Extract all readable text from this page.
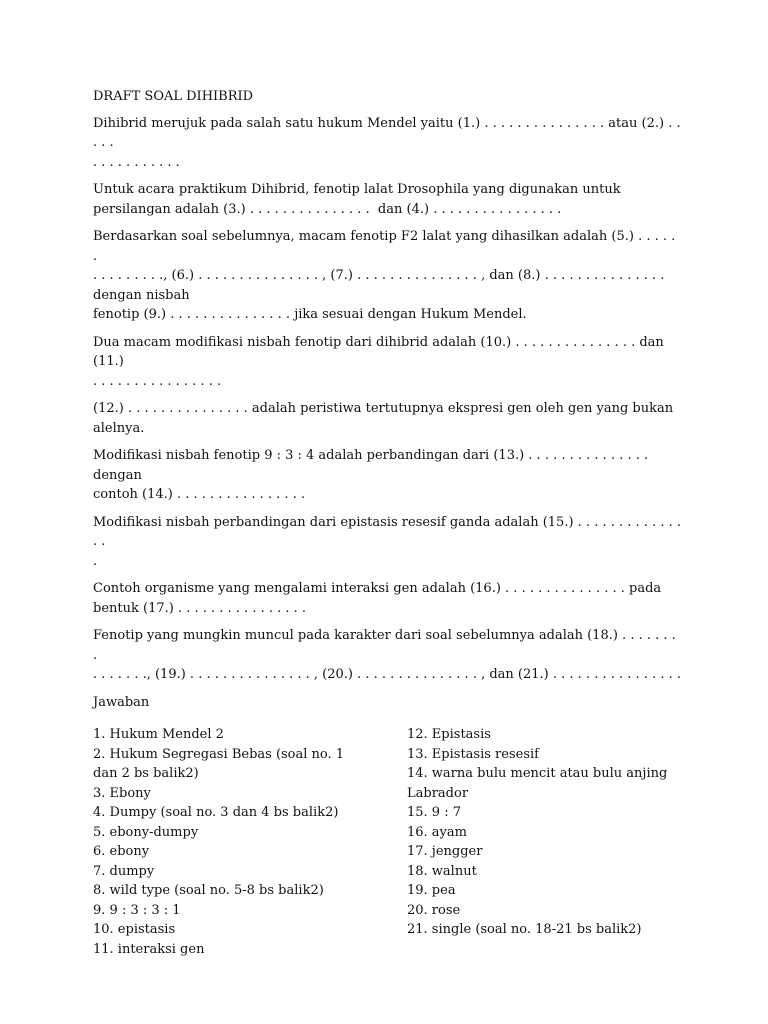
DRAFT SOAL DIHIBRID

Dihibrid merujuk pada salah satu hukum Mendel yaitu (1.) . . . . . . . . . . . . . . . atau (2.) . . . . .
. . . . . . . . . . .

Untuk acara praktikum Dihibrid, fenotip lalat Drosophila yang digunakan untuk
persilangan adalah (3.) . . . . . . . . . . . . . . .  dan (4.) . . . . . . . . . . . . . . . .

Berdasarkan soal sebelumnya, macam fenotip F2 lalat yang dihasilkan adalah (5.) . . . . . .
. . . . . . . . ., (6.) . . . . . . . . . . . . . . . , (7.) . . . . . . . . . . . . . . . , dan (8.) . . . . . . . . . . . . . . . dengan nisbah
fenotip (9.) . . . . . . . . . . . . . . . jika sesuai dengan Hukum Mendel.

Dua macam modifikasi nisbah fenotip dari dihibrid adalah (10.) . . . . . . . . . . . . . . . dan (11.)
. . . . . . . . . . . . . . . .

(12.) . . . . . . . . . . . . . . . adalah peristiwa tertutupnya ekspresi gen oleh gen yang bukan
alelnya.

Modifikasi nisbah fenotip 9 : 3 : 4 adalah perbandingan dari (13.) . . . . . . . . . . . . . . . dengan
contoh (14.) . . . . . . . . . . . . . . . .

Modifikasi nisbah perbandingan dari epistasis resesif ganda adalah (15.) . . . . . . . . . . . . . . .
.

Contoh organisme yang mengalami interaksi gen adalah (16.) . . . . . . . . . . . . . . . pada
bentuk (17.) . . . . . . . . . . . . . . . .

Fenotip yang mungkin muncul pada karakter dari soal sebelumnya adalah (18.) . . . . . . . .
. . . . . . ., (19.) . . . . . . . . . . . . . . . , (20.) . . . . . . . . . . . . . . . , dan (21.) . . . . . . . . . . . . . . . .

Jawaban
1. Hukum Mendel 2
2. Hukum Segregasi Bebas (soal no. 1
dan 2 bs balik2)
3. Ebony
4. Dumpy (soal no. 3 dan 4 bs balik2)
5. ebony-dumpy
6. ebony
7. dumpy
8. wild type (soal no. 5-8 bs balik2)
9. 9 : 3 : 3 : 1
10. epistasis
11. interaksi gen
12. Epistasis
13. Epistasis resesif
14. warna bulu mencit atau bulu anjing
Labrador
15. 9 : 7
16. ayam
17. jengger
18. walnut
19. pea
20. rose
21. single (soal no. 18-21 bs balik2)
